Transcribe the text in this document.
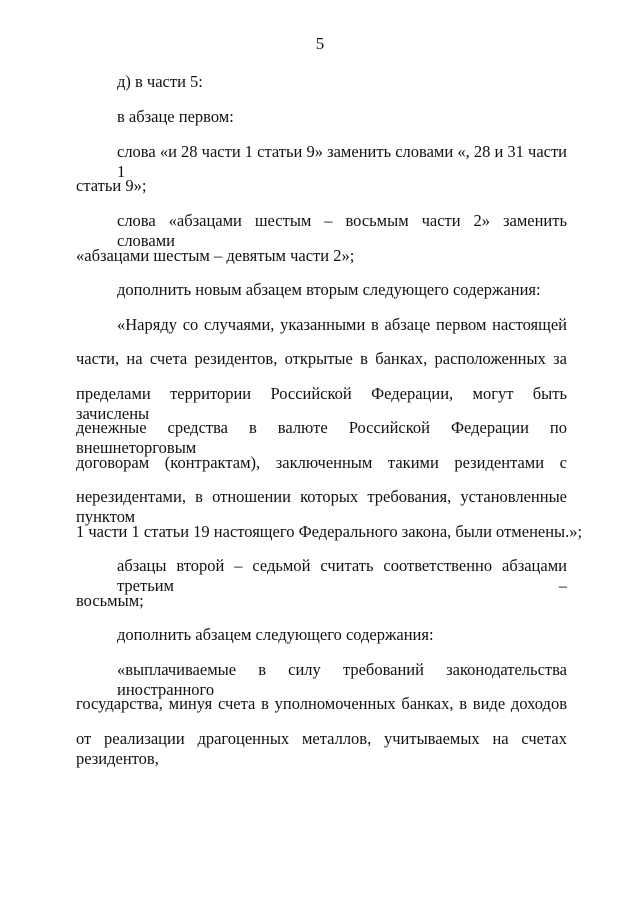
5
д) в части 5:
в абзаце первом:
слова «и 28 части 1 статьи 9» заменить словами «, 28 и 31 части 1
статьи 9»;
слова «абзацами шестым – восьмым части 2» заменить словами
«абзацами шестым – девятым части 2»;
дополнить новым абзацем вторым следующего содержания:
«Наряду со случаями, указанными в абзаце первом настоящей
части, на счета резидентов, открытые в банках, расположенных за
пределами территории Российской Федерации, могут быть зачислены
денежные средства в валюте Российской Федерации по внешнеторговым
договорам (контрактам), заключенным такими резидентами с
нерезидентами, в отношении которых требования, установленные пунктом
1 части 1 статьи 19 настоящего Федерального закона, были отменены.»;
абзацы второй – седьмой считать соответственно абзацами третьим –
восьмым;
дополнить абзацем следующего содержания:
«выплачиваемые в силу требований законодательства иностранного
государства, минуя счета в уполномоченных банках, в виде доходов
от реализации драгоценных металлов, учитываемых на счетах резидентов,
